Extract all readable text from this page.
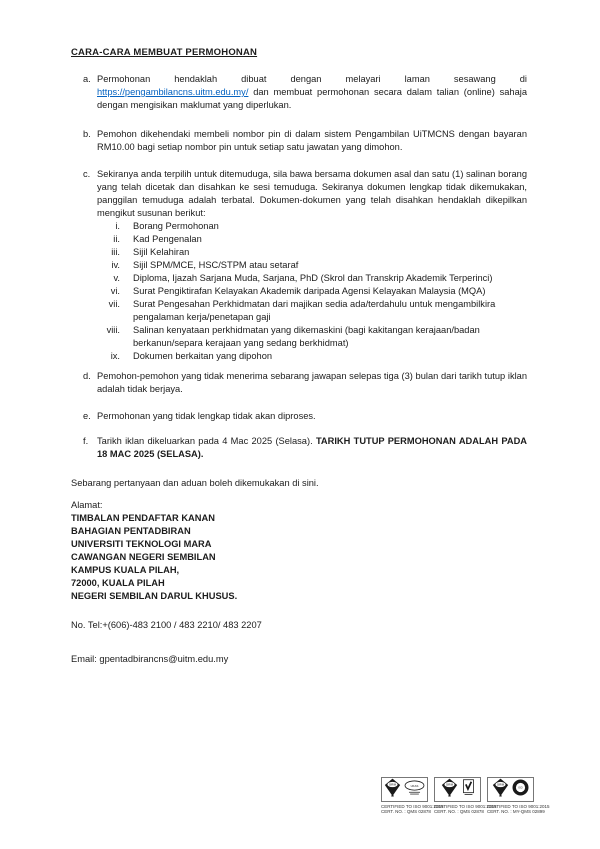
CARA-CARA MEMBUAT PERMOHONAN
a. Permohonan hendaklah dibuat dengan melayari laman sesawang di https://pengambilancns.uitm.edu.my/ dan membuat permohonan secara dalam talian (online) sahaja dengan mengisikan maklumat yang diperlukan.

b. Pemohon dikehendaki membeli nombor pin di dalam sistem Pengambilan UiTMCNS dengan bayaran RM10.00 bagi setiap nombor pin untuk setiap satu jawatan yang dimohon.

c. Sekiranya anda terpilih untuk ditemuduga, sila bawa bersama dokumen asal dan satu (1) salinan borang yang telah dicetak dan disahkan ke sesi temuduga. Sekiranya dokumen lengkap tidak dikemukakan, panggilan temuduga adalah terbatal. Dokumen-dokumen yang telah disahkan hendaklah dikepilkan mengikut susunan berikut:

i. Borang Permohonan
ii. Kad Pengenalan
iii. Sijil Kelahiran
iv. Sijil SPM/MCE, HSC/STPM atau setaraf
v. Diploma, Ijazah Sarjana Muda, Sarjana, PhD (Skrol dan Transkrip Akademik Terperinci)
vi. Surat Pengiktirafan Kelayakan Akademik daripada Agensi Kelayakan Malaysia (MQA)
vii. Surat Pengesahan Perkhidmatan dari majikan sedia ada/terdahulu untuk mengambilkira pengalaman kerja/penetapan gaji
viii. Salinan kenyataan perkhidmatan yang dikemaskini (bagi kakitangan kerajaan/badan berkanun/separa kerajaan yang sedang berkhidmat)
ix. Dokumen berkaitan yang dipohon
d. Pemohon-pemohon yang tidak menerima sebarang jawapan selepas tiga (3) bulan dari tarikh tutup iklan adalah tidak berjaya.

e. Permohonan yang tidak lengkap tidak akan diproses.

f. Tarikh iklan dikeluarkan pada 4 Mac 2025 (Selasa). TARIKH TUTUP PERMOHONAN ADALAH PADA 18 MAC 2025 (SELASA).

Sebarang pertanyaan dan aduan boleh dikemukakan di sini.

Alamat:

TIMBALAN PENDAFTAR KANAN

BAHAGIAN PENTADBIRAN

UNIVERSITI TEKNOLOGI MARA

CAWANGAN NEGERI SEMBILAN

KAMPUS KUALA PILAH,

72000, KUALA PILAH

NEGERI SEMBILAN DARUL KHUSUS.

No. Tel:+(606)-483 2100 / 483 2210/ 483 2207

Email: gpentadbirancns@uitm.edu.my

SIRIM	UKAS
CERTIFIED TO ISO 9001:2015
CERT. NO. : QMS 02878
SIRIM
CERTIFIED TO ISO 9001:2015
CERT. NO. : QMS 02878
SIRIM
ISO
CERTIFIED TO ISO 9001:2015
CERT. NO. : MY-QMS 02899
